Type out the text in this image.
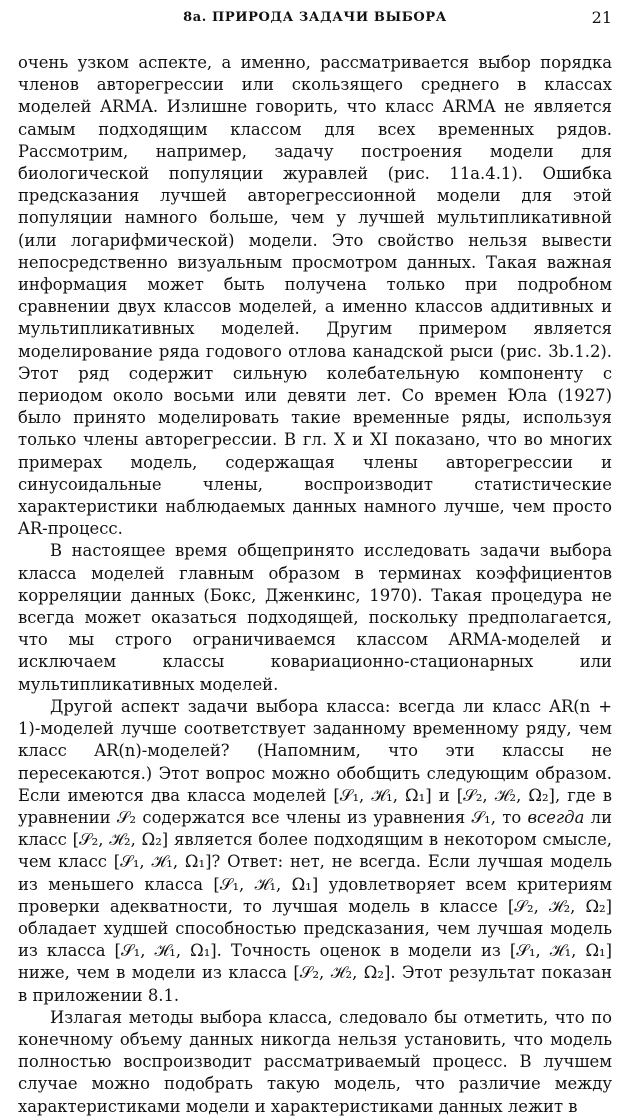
8а. ПРИРОДА ЗАДАЧИ ВЫБОРА	21

очень узком аспекте, а именно, рассматривается выбор порядка членов авторегрессии или скользящего среднего в классах моделей ARMA. Излишне говорить, что класс ARMA не является самым подходящим классом для всех временных рядов. Рассмотрим, например, задачу построения модели для биологической популяции журавлей (рис. 11а.4.1). Ошибка предсказания лучшей авторегрессионной модели для этой популяции намного больше, чем у лучшей мультипликативной (или логарифмической) модели. Это свойство нельзя вывести непосредственно визуальным просмотром данных. Такая важная информация может быть получена только при подробном сравнении двух классов моделей, а именно классов аддитивных и мультипликативных моделей. Другим примером является моделирование ряда годового отлова канадской рыси (рис. 3b.1.2). Этот ряд содержит сильную колебательную компоненту с периодом около восьми или девяти лет. Со времен Юла (1927) было принято моделировать такие временные ряды, используя только члены авторегрессии. В гл. X и XI показано, что во многих примерах модель, содержащая члены авторегрессии и синусоидальные члены, воспроизводит статистические характеристики наблюдаемых данных намного лучше, чем просто AR-процесс.

В настоящее время общепринято исследовать задачи выбора класса моделей главным образом в терминах коэффициентов корреляции данных (Бокс, Дженкинс, 1970). Такая процедура не всегда может оказаться подходящей, поскольку предполагается, что мы строго ограничиваемся классом ARMA-моделей и исключаем классы ковариационно-стационарных или мультипликативных моделей.

Другой аспект задачи выбора класса: всегда ли класс AR(n + 1)-моделей лучше соответствует заданному временному ряду, чем класс AR(n)-моделей? (Напомним, что эти классы не пересекаются.) Этот вопрос можно обобщить следующим образом. Если имеются два класса моделей [𝒮₁, ℋ₁, Ω₁] и [𝒮₂, ℋ₂, Ω₂], где в уравнении 𝒮₂ содержатся все члены из уравнения 𝒮₁, то всегда ли класс [𝒮₂, ℋ₂, Ω₂] является более подходящим в некотором смысле, чем класс [𝒮₁, ℋ₁, Ω₁]? Ответ: нет, не всегда. Если лучшая модель из меньшего класса [𝒮₁, ℋ₁, Ω₁] удовлетворяет всем критериям проверки адекватности, то лучшая модель в классе [𝒮₂, ℋ₂, Ω₂] обладает худшей способностью предсказания, чем лучшая модель из класса [𝒮₁, ℋ₁, Ω₁]. Точность оценок в модели из [𝒮₁, ℋ₁, Ω₁] ниже, чем в модели из класса [𝒮₂, ℋ₂, Ω₂]. Этот результат показан в приложении 8.1.

Излагая методы выбора класса, следовало бы отметить, что по конечному объему данных никогда нельзя установить, что модель полностью воспроизводит рассматриваемый процесс. В лучшем случае можно подобрать такую модель, что различие между характеристиками модели и характеристиками данных лежит в
